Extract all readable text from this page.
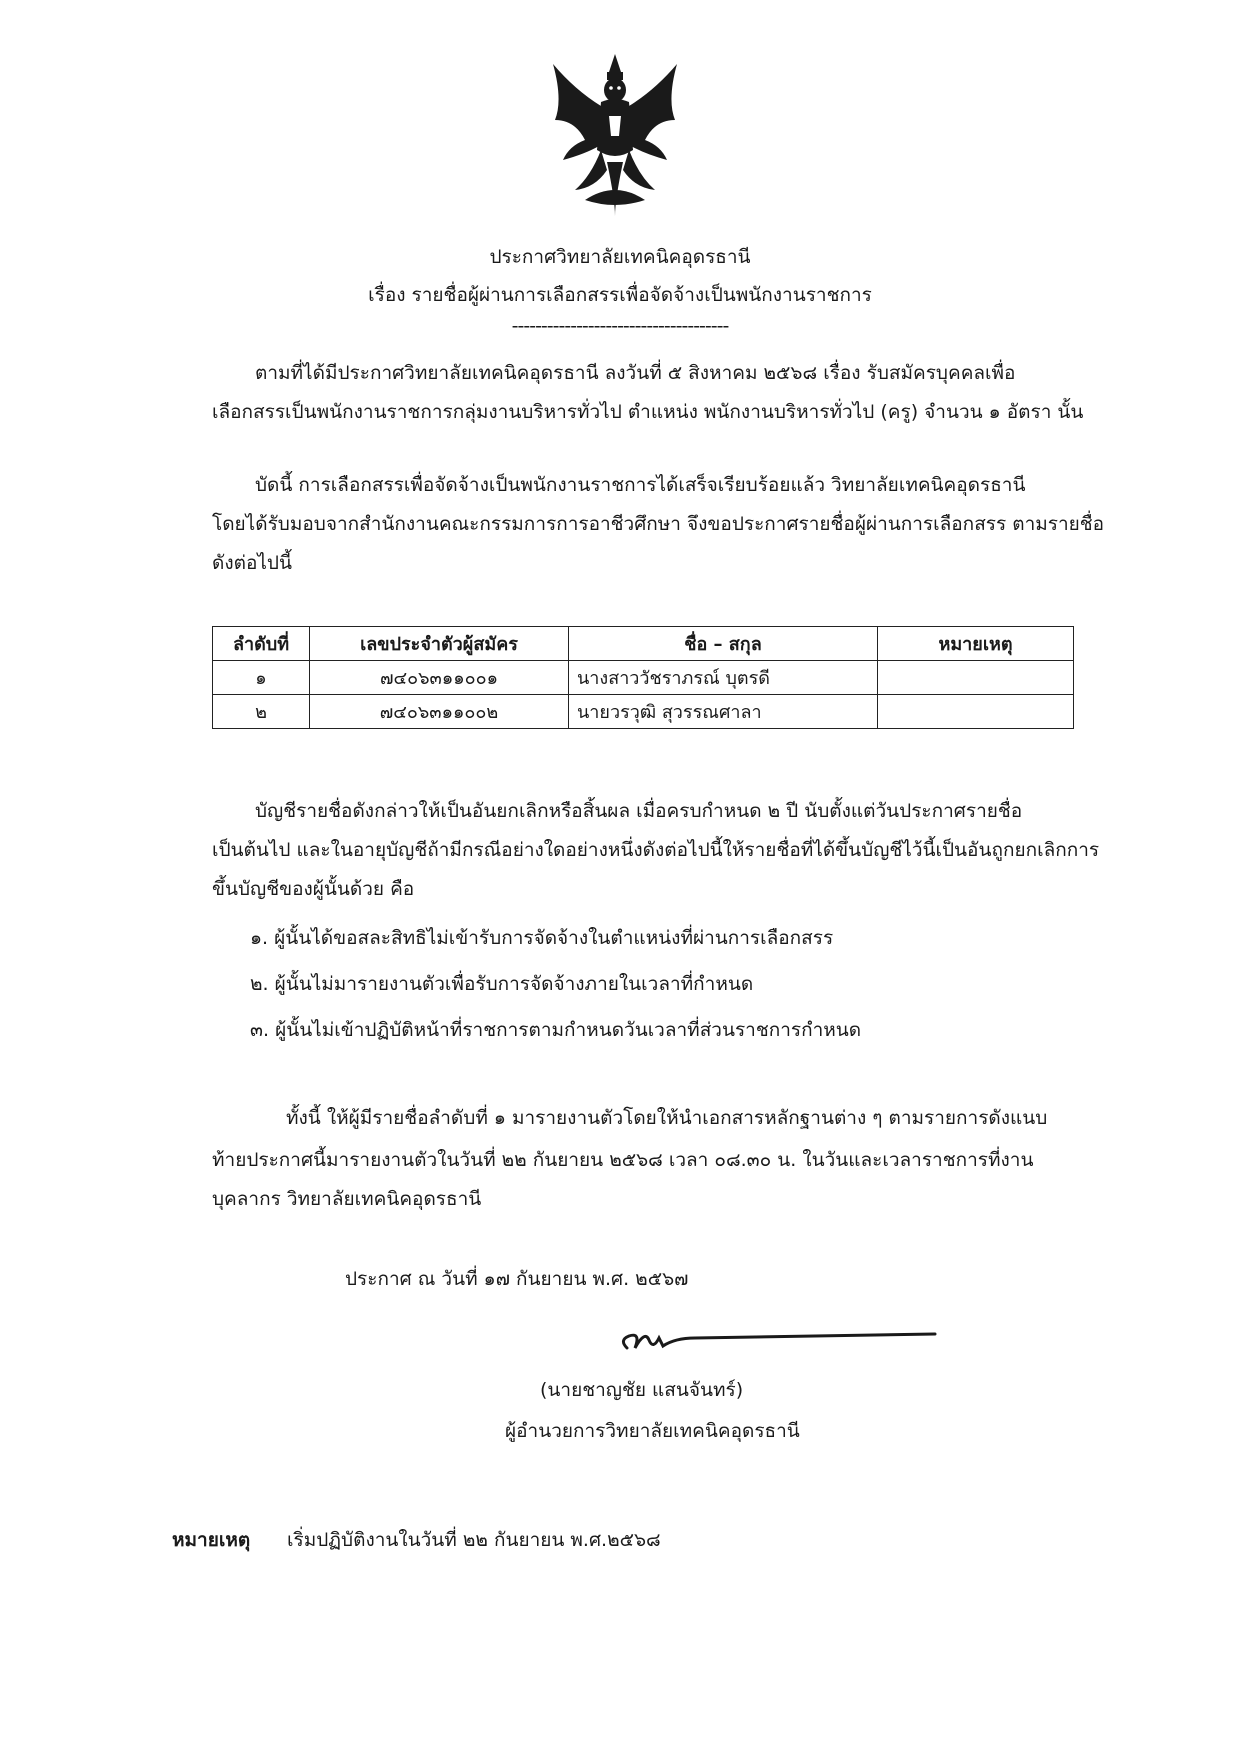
ประกาศวิทยาลัยเทคนิคอุดรธานี
เรื่อง รายชื่อผู้ผ่านการเลือกสรรเพื่อจัดจ้างเป็นพนักงานราชการ
-------------------------------------
ตามที่ได้มีประกาศวิทยาลัยเทคนิคอุดรธานี ลงวันที่ ๕ สิงหาคม ๒๕๖๘ เรื่อง รับสมัครบุคคลเพื่อ
เลือกสรรเป็นพนักงานราชการกลุ่มงานบริหารทั่วไป ตำแหน่ง พนักงานบริหารทั่วไป (ครู) จำนวน ๑ อัตรา นั้น
บัดนี้ การเลือกสรรเพื่อจัดจ้างเป็นพนักงานราชการได้เสร็จเรียบร้อยแล้ว วิทยาลัยเทคนิคอุดรธานี
โดยได้รับมอบจากสำนักงานคณะกรรมการการอาชีวศึกษา จึงขอประกาศรายชื่อผู้ผ่านการเลือกสรร ตามรายชื่อ
ดังต่อไปนี้
ลำดับที่	เลขประจำตัวผู้สมัคร	ชื่อ – สกุล	หมายเหตุ
๑	๗๔๐๖๓๑๑๐๐๑	นางสาววัชราภรณ์ บุตรดี	
๒	๗๔๐๖๓๑๑๐๐๒	นายวรวุฒิ สุวรรณศาลา	
บัญชีรายชื่อดังกล่าวให้เป็นอันยกเลิกหรือสิ้นผล เมื่อครบกำหนด ๒ ปี นับตั้งแต่วันประกาศรายชื่อ
เป็นต้นไป และในอายุบัญชีถ้ามีกรณีอย่างใดอย่างหนึ่งดังต่อไปนี้ให้รายชื่อที่ได้ขึ้นบัญชีไว้นี้เป็นอันถูกยกเลิกการ
ขึ้นบัญชีของผู้นั้นด้วย คือ
๑. ผู้นั้นได้ขอสละสิทธิไม่เข้ารับการจัดจ้างในตำแหน่งที่ผ่านการเลือกสรร
๒. ผู้นั้นไม่มารายงานตัวเพื่อรับการจัดจ้างภายในเวลาที่กำหนด
๓. ผู้นั้นไม่เข้าปฏิบัติหน้าที่ราชการตามกำหนดวันเวลาที่ส่วนราชการกำหนด
ทั้งนี้ ให้ผู้มีรายชื่อลำดับที่ ๑ มารายงานตัวโดยให้นำเอกสารหลักฐานต่าง ๆ ตามรายการดังแนบ
ท้ายประกาศนี้มารายงานตัวในวันที่ ๒๒ กันยายน ๒๕๖๘ เวลา ๐๘.๓๐ น. ในวันและเวลาราชการที่งาน
บุคลากร วิทยาลัยเทคนิคอุดรธานี
ประกาศ ณ วันที่ ๑๗ กันยายน พ.ศ. ๒๕๖๗
(นายชาญชัย แสนจันทร์)
ผู้อำนวยการวิทยาลัยเทคนิคอุดรธานี
หมายเหตุ เริ่มปฏิบัติงานในวันที่ ๒๒ กันยายน พ.ศ.๒๕๖๘
